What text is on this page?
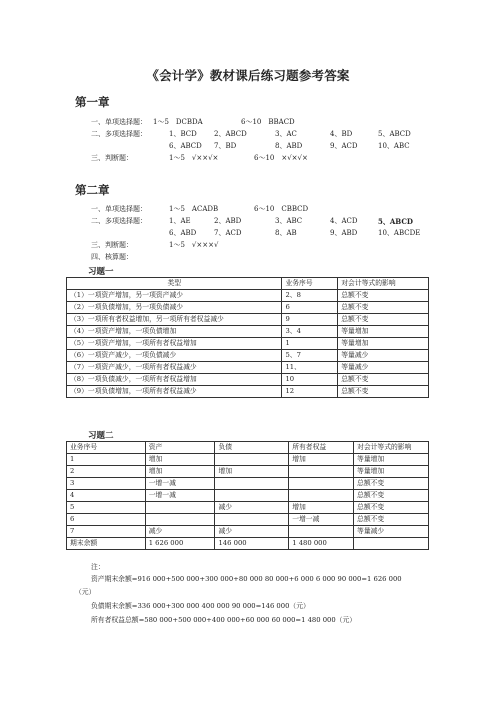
《会计学》教材课后练习题参考答案
第一章
一、单项选择题： 1～5　DCBDA	6～10　BBACD
二、多项选择题：	1、BCD 2、ABCD	3、AC	4、BD	5、ABCD
6、ABCD 7、BD	8、ABD	9、ACD	10、ABC
三、判断题：	1～5　√××√×	6～10　×√×√×
第二章
一、单项选择题：	1～5　ACADB	6～10　CBBCD
二、多项选择题：	1、AE	2、ABD	3、ABC	4、ACD	5、ABCD
6、ABD	7、ACD	8、AB	9、ABD	10、ABCDE
三、判断题：	1～5　√×××√
四、核算题：
习题一
类型	业务序号	对会计等式的影响
（1）一项资产增加，另一项资产减少	2、8	总额不变
（2）一项负债增加，另一项负债减少	6	总额不变
（3）一项所有者权益增加，另一项所有者权益减少	9	总额不变
（4）一项资产增加，一项负债增加	3、4	等量增加
（5）一项资产增加，一项所有者权益增加	1	等量增加
（6）一项资产减少，一项负债减少	5、7	等量减少
（7）一项资产减少，一项所有者权益减少	11、	等量减少
（8）一项负债减少，一项所有者权益增加	10	总额不变
（9）一项负债增加，一项所有者权益减少	12	总额不变
习题二
业务序号	资产	负债	所有者权益	对会计等式的影响
1	增加		增加	等量增加
2	增加	增加		等量增加
3	一增一减			总额不变
4	一增一减			总额不变
5		减少	增加	总额不变
6			一增一减	总额不变
7	减少	减少		等量减少
期末余额	1 626 000	146 000	1 480 000	
注：
资产期末余额=916 000+500 000+300 000+80 000 80 000+6 000 6 000 90 000=1 626 000
（元）
负债期末余额=336 000+300 000 400 000 90 000=146 000（元）
所有者权益总额=580 000+500 000+400 000+60 000 60 000=1 480 000（元）
